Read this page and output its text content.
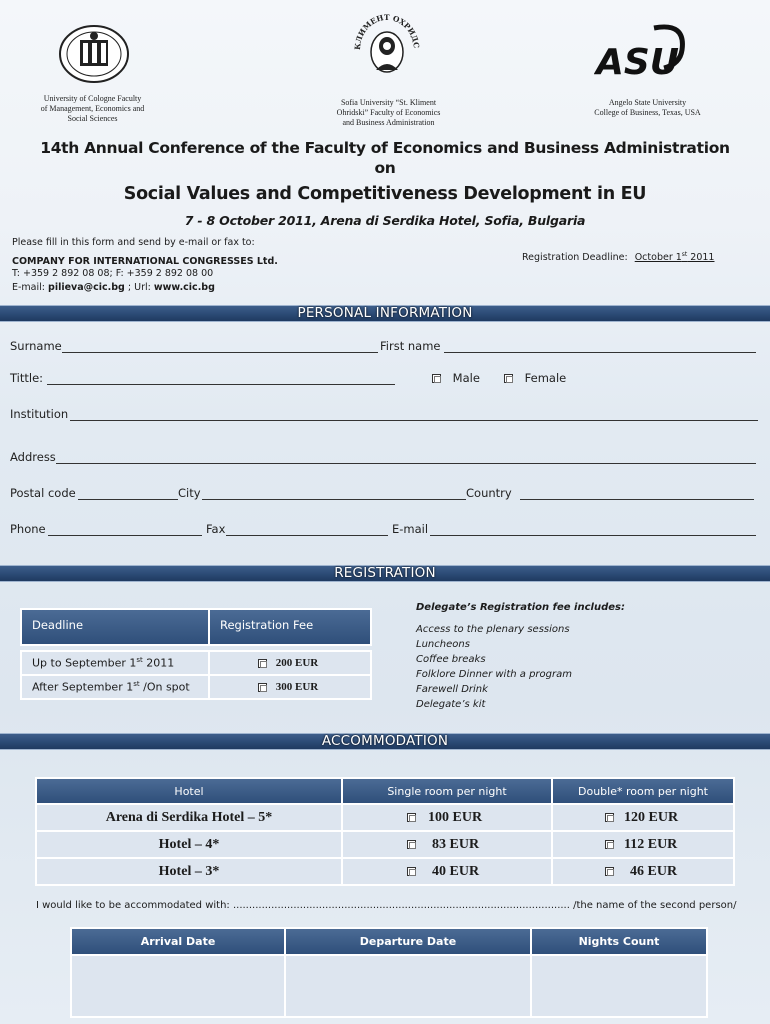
University of Cologne Faculty
of Management, Economics and
Social Sciences
КЛИМЕНТ ОХРИДС
Sofia University “St. Kliment
Ohridski” Faculty of Economics
and Business Administration
ASU
Angelo State University
College of Business, Texas, USA
14th Annual Conference of the Faculty of Economics and Business Administration
on
Social Values and Competitiveness Development in EU
7 - 8 October 2011, Arena di Serdika Hotel, Sofia, Bulgaria
Please fill in this form and send by e-mail or fax to:
COMPANY FOR INTERNATIONAL CONGRESSES Ltd.
T: +359 2 892 08 08; F: +359 2 892 08 00
E-mail: pilieva@cic.bg ; Url: www.cic.bg
Registration Deadline: October 1st 2011
PERSONAL INFORMATION
Surname	First name
Tittle:	Male	Female
Institution
Address
Postal code	City	Country
Phone	Fax	E-mail
REGISTRATION
Deadline	Registration Fee

Up to September 1st 2011	200 EUR
After September 1st /On spot	300 EUR
Delegate’s Registration fee includes:
Access to the plenary sessions
Luncheons
Coffee breaks
Folklore Dinner with a program
Farewell Drink
Delegate’s kit
ACCOMMODATION
Hotel	Single room per night	Double* room per night
Arena di Serdika Hotel – 5*	100 EUR	120 EUR
Hotel – 4*	83 EUR	112 EUR
Hotel – 3*	40 EUR	46 EUR
I would like to be accommodated with: .......................................................................................................... /the name of the second person/
Arrival Date	Departure Date	Nights Count
